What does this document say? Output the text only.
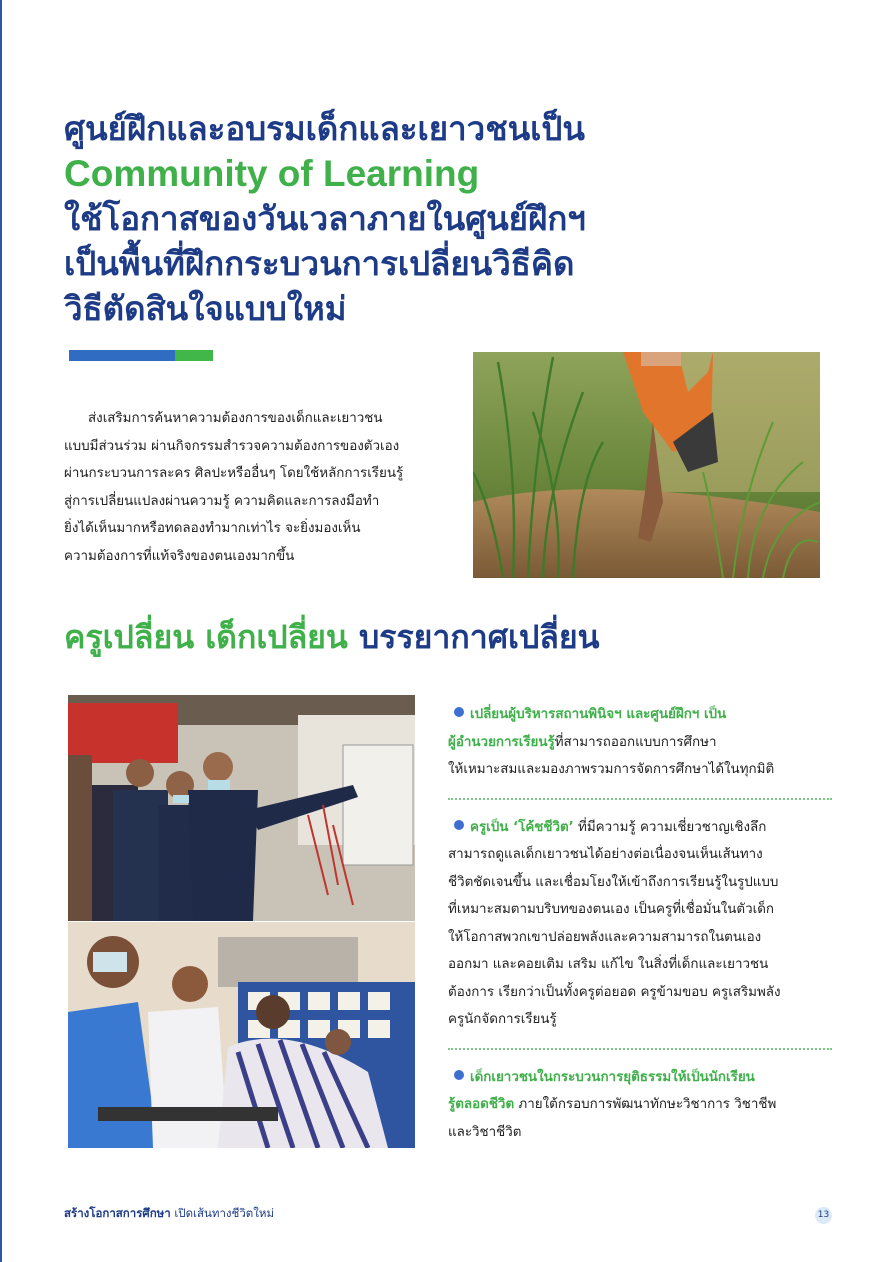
ศูนย์ฝึกและอบรมเด็กและเยาวชนเป็น
Community of Learning
ใช้โอกาสของวันเวลาภายในศูนย์ฝึกฯ
เป็นพื้นที่ฝึกกระบวนการเปลี่ยนวิธีคิด
วิธีตัดสินใจแบบใหม่

ส่งเสริมการค้นหาความต้องการของเด็กและเยาวชน
แบบมีส่วนร่วม ผ่านกิจกรรมสำรวจความต้องการของตัวเอง
ผ่านกระบวนการละคร ศิลปะหรืออื่นๆ โดยใช้หลักการเรียนรู้
สู่การเปลี่ยนแปลงผ่านความรู้ ความคิดและการลงมือทำ
ยิ่งได้เห็นมากหรือทดลองทำมากเท่าไร จะยิ่งมองเห็น
ความต้องการที่แท้จริงของตนเองมากขึ้น

ครูเปลี่ยน เด็กเปลี่ยน บรรยากาศเปลี่ยน
เปลี่ยนผู้บริหารสถานพินิจฯ และศูนย์ฝึกฯ เป็น
ผู้อำนวยการเรียนรู้ที่สามารถออกแบบการศึกษา
ให้เหมาะสมและมองภาพรวมการจัดการศึกษาได้ในทุกมิติ
ครูเป็น ‘โค้ชชีวิต’ ที่มีความรู้ ความเชี่ยวชาญเชิงลึก
สามารถดูแลเด็กเยาวชนได้อย่างต่อเนื่องจนเห็นเส้นทาง
ชีวิตชัดเจนขึ้น และเชื่อมโยงให้เข้าถึงการเรียนรู้ในรูปแบบ
ที่เหมาะสมตามบริบทของตนเอง เป็นครูที่เชื่อมั่นในตัวเด็ก
ให้โอกาสพวกเขาปล่อยพลังและความสามารถในตนเอง
ออกมา และคอยเติม เสริม แก้ไข ในสิ่งที่เด็กและเยาวชน
ต้องการ เรียกว่าเป็นทั้งครูต่อยอด ครูข้ามขอบ ครูเสริมพลัง
ครูนักจัดการเรียนรู้
เด็กเยาวชนในกระบวนการยุติธรรมให้เป็นนักเรียน
รู้ตลอดชีวิต ภายใต้กรอบการพัฒนาทักษะวิชาการ วิชาชีพ
และวิชาชีวิต
สร้างโอกาสการศึกษา เปิดเส้นทางชีวิตใหม่	13
